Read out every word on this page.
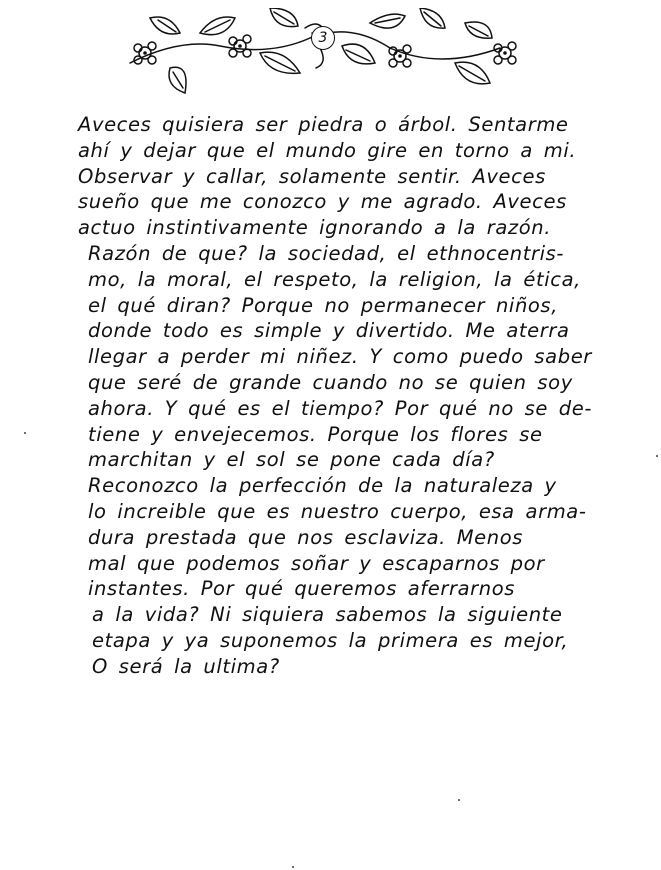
3
Aveces quisiera ser piedra o árbol. Sentarme
ahí y dejar que el mundo gire en torno a mi.
Observar y callar, solamente sentir. Aveces
sueño que me conozco y me agrado. Aveces
actuo instintivamente ignorando a la razón.
Razón de que? la sociedad, el ethnocentris-
mo, la moral, el respeto, la religion, la ética,
el qué diran? Porque no permanecer niños,
donde todo es simple y divertido. Me aterra
llegar a perder mi niñez. Y como puedo saber
que seré de grande cuando no se quien soy
ahora. Y qué es el tiempo? Por qué no se de-
tiene y envejecemos. Porque los flores se
marchitan y el sol se pone cada día?
Reconozco la perfección de la naturaleza y
lo increible que es nuestro cuerpo, esa arma-
dura prestada que nos esclaviza. Menos
mal que podemos soñar y escaparnos por
instantes. Por qué queremos aferrarnos
a la vida? Ni siquiera sabemos la siguiente
etapa y ya suponemos la primera es mejor,
O será la ultima?
